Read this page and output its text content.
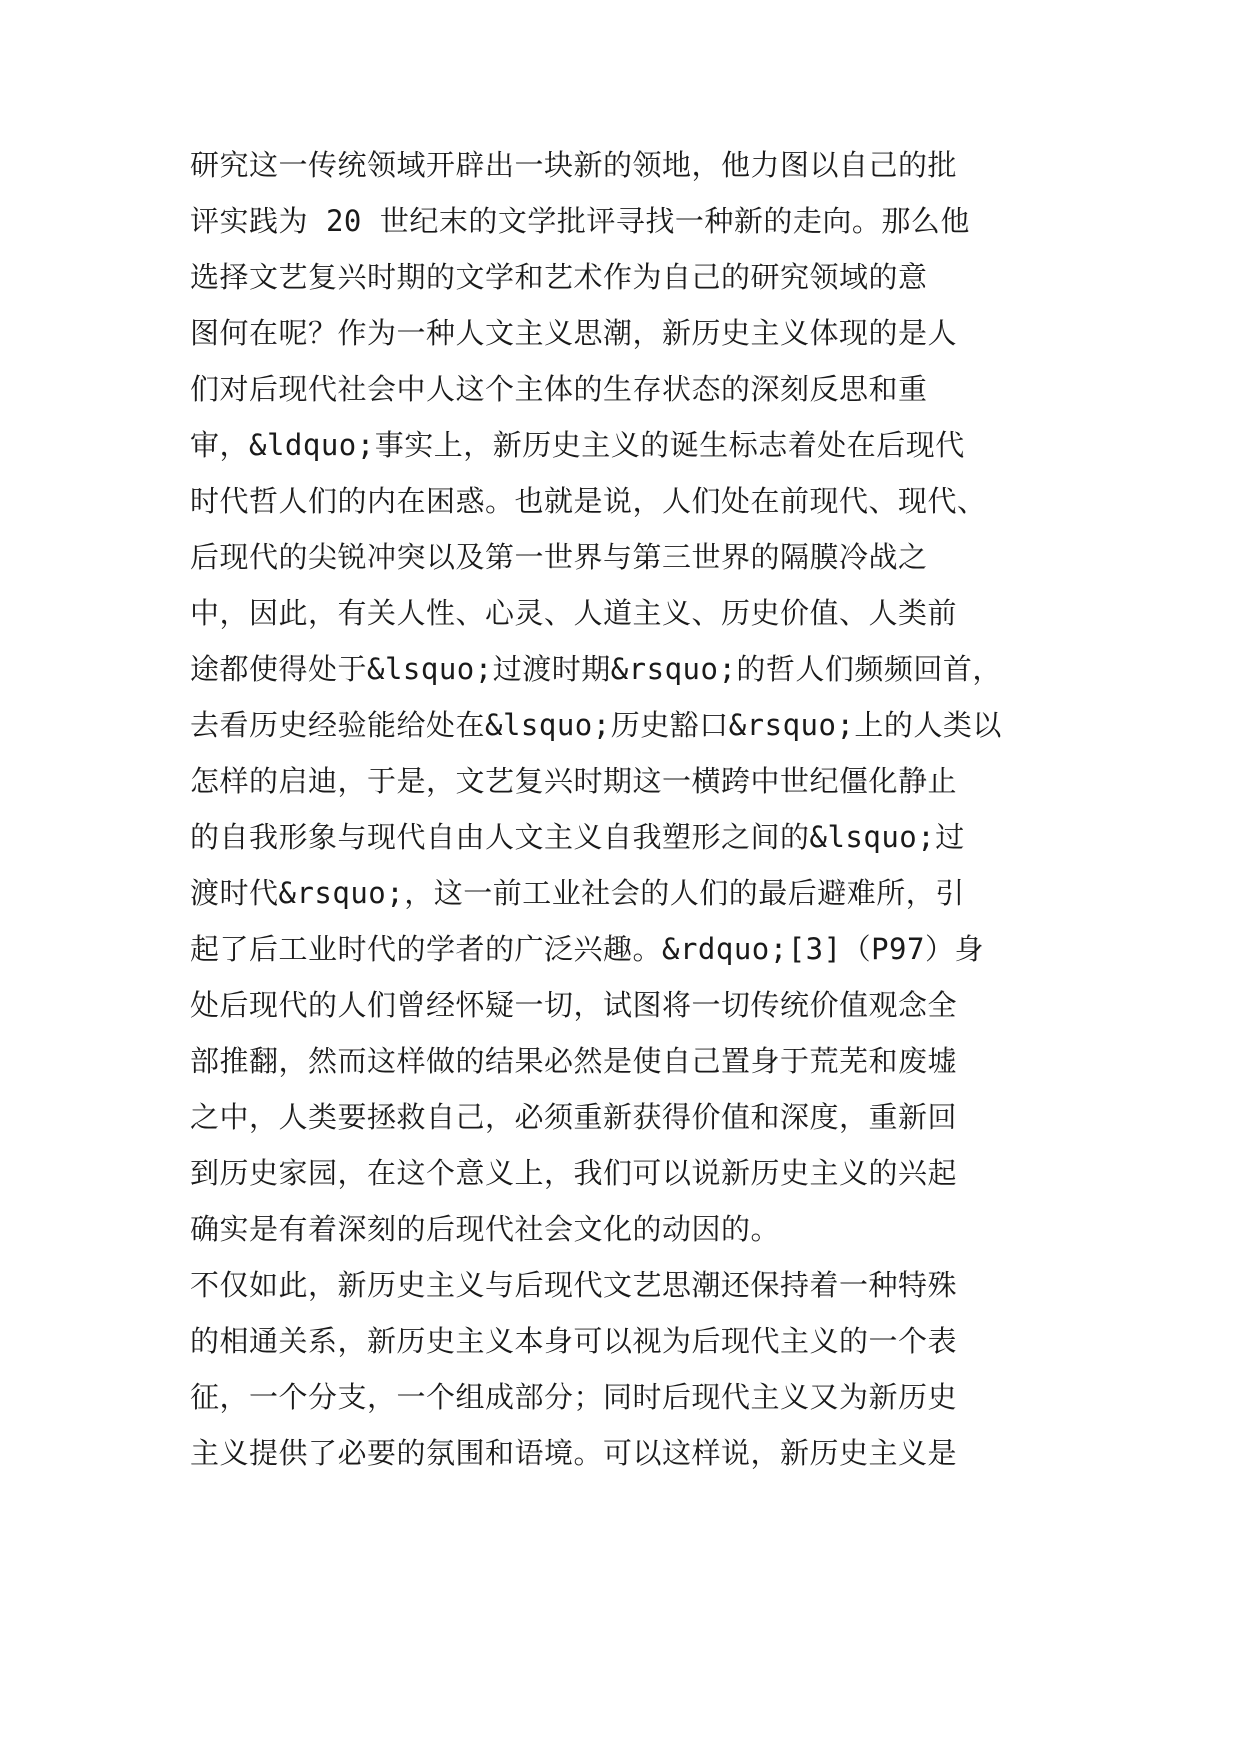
研究这一传统领域开辟出一块新的领地，他力图以自己的批
评实践为 20 世纪末的文学批评寻找一种新的走向。那么他
选择文艺复兴时期的文学和艺术作为自己的研究领域的意
图何在呢？作为一种人文主义思潮，新历史主义体现的是人
们对后现代社会中人这个主体的生存状态的深刻反思和重
审，&ldquo;事实上，新历史主义的诞生标志着处在后现代
时代哲人们的内在困惑。也就是说，人们处在前现代、现代、
后现代的尖锐冲突以及第一世界与第三世界的隔膜冷战之
中，因此，有关人性、心灵、人道主义、历史价值、人类前
途都使得处于&lsquo;过渡时期&rsquo;的哲人们频频回首，
去看历史经验能给处在&lsquo;历史豁口&rsquo;上的人类以
怎样的启迪，于是，文艺复兴时期这一横跨中世纪僵化静止
的自我形象与现代自由人文主义自我塑形之间的&lsquo;过
渡时代&rsquo;，这一前工业社会的人们的最后避难所，引
起了后工业时代的学者的广泛兴趣。&rdquo;[3]（P97）身
处后现代的人们曾经怀疑一切，试图将一切传统价值观念全
部推翻，然而这样做的结果必然是使自己置身于荒芜和废墟
之中，人类要拯救自己，必须重新获得价值和深度，重新回
到历史家园，在这个意义上，我们可以说新历史主义的兴起
确实是有着深刻的后现代社会文化的动因的。
不仅如此，新历史主义与后现代文艺思潮还保持着一种特殊
的相通关系，新历史主义本身可以视为后现代主义的一个表
征，一个分支，一个组成部分；同时后现代主义又为新历史
主义提供了必要的氛围和语境。可以这样说，新历史主义是
